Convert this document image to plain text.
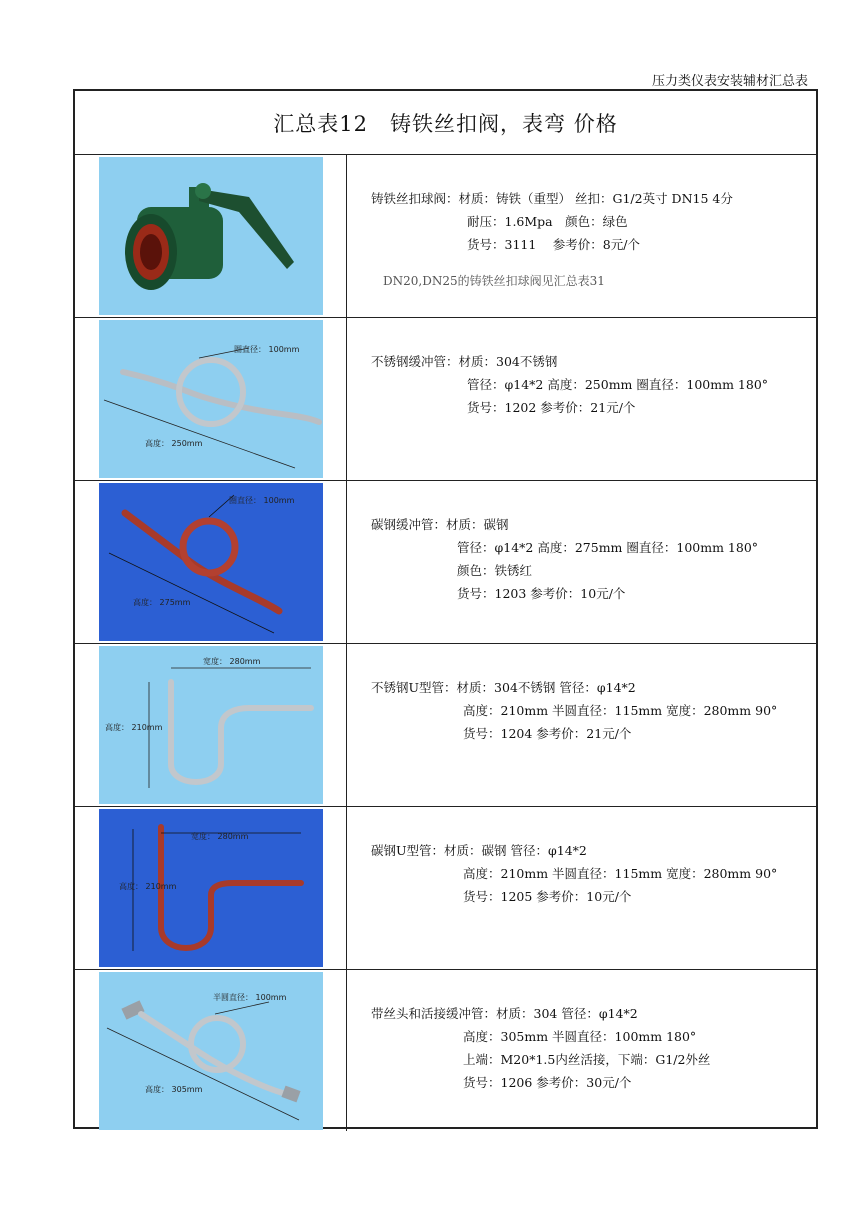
压力类仪表安装辅材汇总表
汇总表12　铸铁丝扣阀，表弯 价格
铸铁丝扣球阀：材质：铸铁（重型） 丝扣：G1/2英寸 DN15 4分
耐压：1.6Mpa　颜色：绿色
货号：3111　 参考价：8元/个
DN20,DN25的铸铁丝扣球阀见汇总表31
圈直径： 100mm
高度： 250mm
不锈钢缓冲管：材质：304不锈钢
管径：φ14*2 高度：250mm 圈直径：100mm 180°
货号：1202 参考价：21元/个
圈直径： 100mm
高度： 275mm
碳钢缓冲管：材质：碳钢
管径：φ14*2 高度：275mm 圈直径：100mm 180°
颜色：铁锈红
货号：1203 参考价：10元/个
宽度： 280mm
高度： 210mm
不锈钢U型管：材质：304不锈钢 管径：φ14*2
高度：210mm 半圆直径：115mm 宽度：280mm 90°
货号：1204 参考价：21元/个
宽度： 280mm
高度： 210mm
碳钢U型管：材质：碳钢 管径：φ14*2
高度：210mm 半圆直径：115mm 宽度：280mm 90°
货号：1205 参考价：10元/个
半圆直径： 100mm
高度： 305mm
带丝头和活接缓冲管：材质：304 管径：φ14*2
高度：305mm 半圆直径：100mm 180°
上端：M20*1.5内丝活接，下端：G1/2外丝
货号：1206 参考价：30元/个
